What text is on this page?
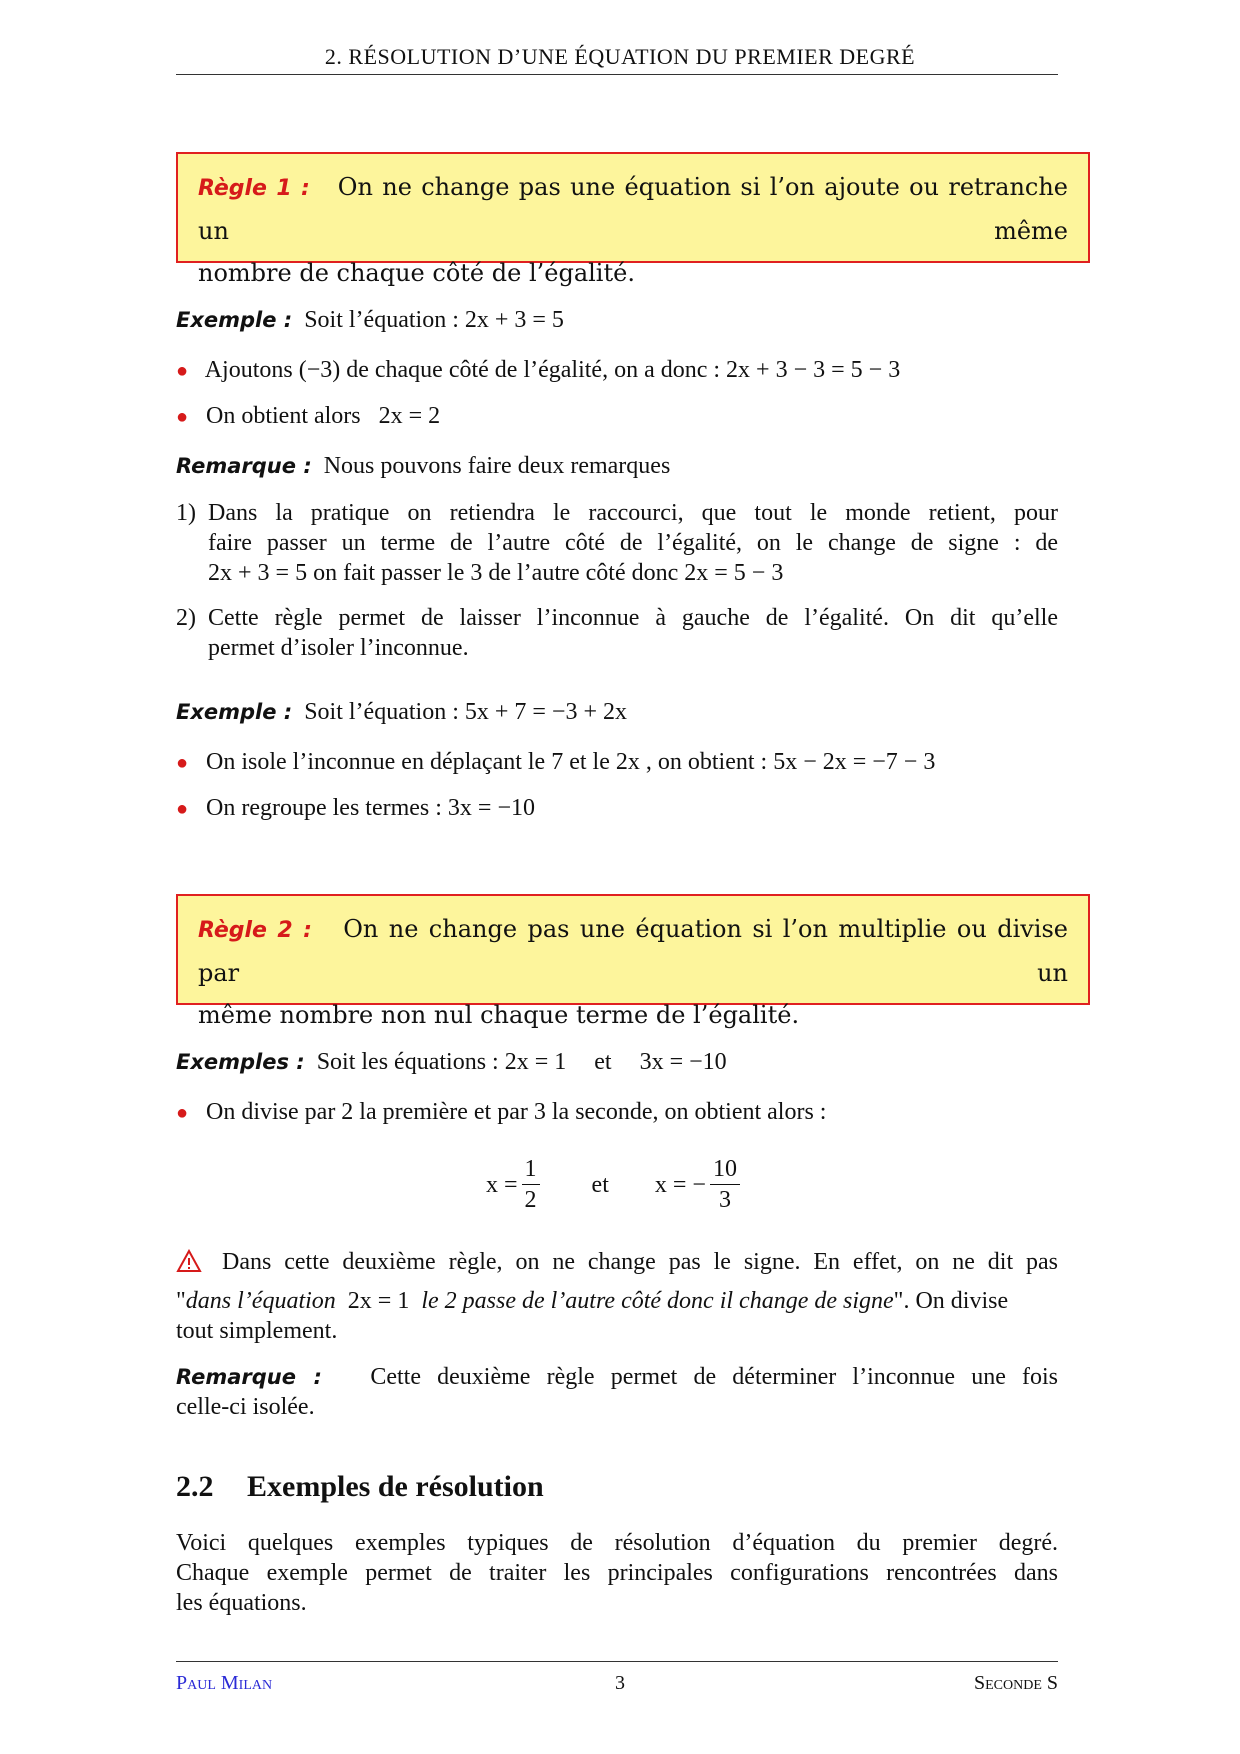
2. RÉSOLUTION D’UNE ÉQUATION DU PREMIER DEGRÉ
Règle 1 : On ne change pas une équation si l’on ajoute ou retranche un même
nombre de chaque côté de l’égalité.
Exemple : Soit l’équation : 2x + 3 = 5
● Ajoutons (−3) de chaque côté de l’égalité, on a donc : 2x + 3 − 3 = 5 − 3
● On obtient alors   2x = 2
Remarque : Nous pouvons faire deux remarques
1) Dans la pratique on retiendra le raccourci, que tout le monde retient, pour
faire passer un terme de l’autre côté de l’égalité, on le change de signe : de
2x + 3 = 5 on fait passer le 3 de l’autre côté donc 2x = 5 − 3
2) Cette règle permet de laisser l’inconnue à gauche de l’égalité. On dit qu’elle
permet d’isoler l’inconnue.
Exemple : Soit l’équation : 5x + 7 = −3 + 2x
● On isole l’inconnue en déplaçant le 7 et le 2x , on obtient : 5x − 2x = −7 − 3
● On regroupe les termes : 3x = −10
Règle 2 : On ne change pas une équation si l’on multiplie ou divise par un
même nombre non nul chaque terme de l’égalité.
Exemples : Soit les équations : 2x = 1 et 3x = −10
● On divise par 2 la première et par 3 la seconde, on obtient alors :
$x = \frac{1}{2}$ et x = − $\frac{10}{3}$
Dans cette deuxième règle, on ne change pas le signe. En effet, on ne dit pas
"dans l’équation 2x = 1 le 2 passe de l’autre côté donc il change de signe". On divise
tout simplement.
Remarque : Cette deuxième règle permet de déterminer l’inconnue une fois
celle-ci isolée.
2.2 Exemples de résolution
Voici quelques exemples typiques de résolution d’équation du premier degré.
Chaque exemple permet de traiter les principales configurations rencontrées dans
les équations.
Paul Milan	3	Seconde S
